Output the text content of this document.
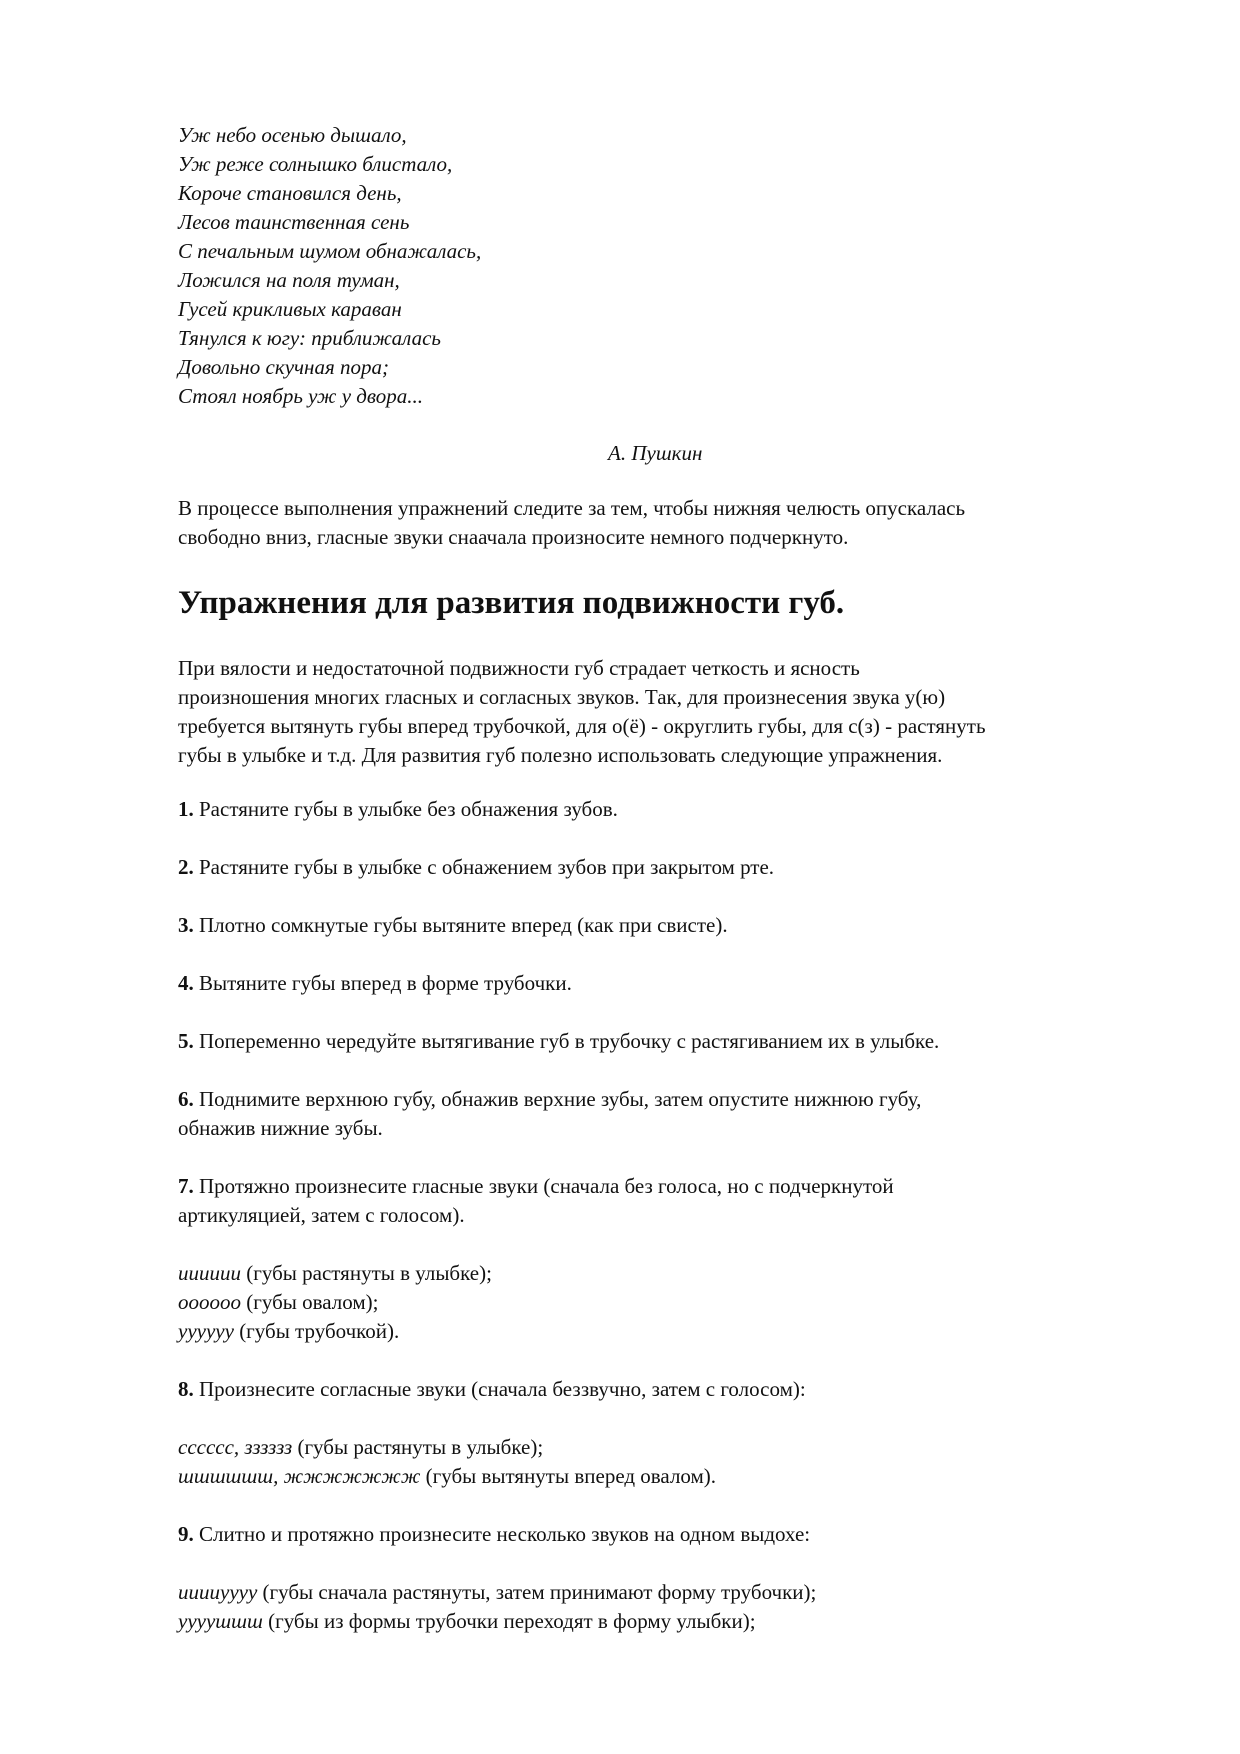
Уж небо осенью дышало,
Уж реже солнышко блистало,
Короче становился день,
Лесов таинственная сень
С печальным шумом обнажалась,
Ложился на поля туман,
Гусей крикливых караван
Тянулся к югу: приближалась
Довольно скучная пора;
Стоял ноябрь уж у двора...
А. Пушкин
В процессе выполнения упражнений следите за тем, чтобы нижняя челюсть опускалась
свободно вниз, гласные звуки снаачала произносите немного подчеркнуто.
Упражнения для развития подвижности губ.
При вялости и недостаточной подвижности губ страдает четкость и ясность
произношения многих гласных и согласных звуков. Так, для произнесения звука у(ю)
требуется вытянуть губы вперед трубочкой, для о(ё) - округлить губы, для с(з) - растянуть
губы в улыбке и т.д. Для развития губ полезно использовать следующие упражнения.
1. Растяните губы в улыбке без обнажения зубов.
2. Растяните губы в улыбке с обнажением зубов при закрытом рте.
3. Плотно сомкнутые губы вытяните вперед (как при свисте).
4. Вытяните губы вперед в форме трубочки.
5. Попеременно чередуйте вытягивание губ в трубочку с растягиванием их в улыбке.
6. Поднимите верхнюю губу, обнажив верхние зубы, затем опустите нижнюю губу,
обнажив нижние зубы.
7. Протяжно произнесите гласные звуки (сначала без голоса, но с подчеркнутой
артикуляцией, затем с голосом).
ииииии (губы растянуты в улыбке);
оооооо (губы овалом);
уууууу (губы трубочкой).
8. Произнесите согласные звуки (сначала беззвучно, затем с голосом):
сссссс, зззззз (губы растянуты в улыбке);
шшшшшш, жжжжжжж (губы вытянуты вперед овалом).
9. Слитно и протяжно произнесите несколько звуков на одном выдохе:
ииииуууу (губы сначала растянуты, затем принимают форму трубочки);
уууушшш (губы из формы трубочки переходят в форму улыбки);
